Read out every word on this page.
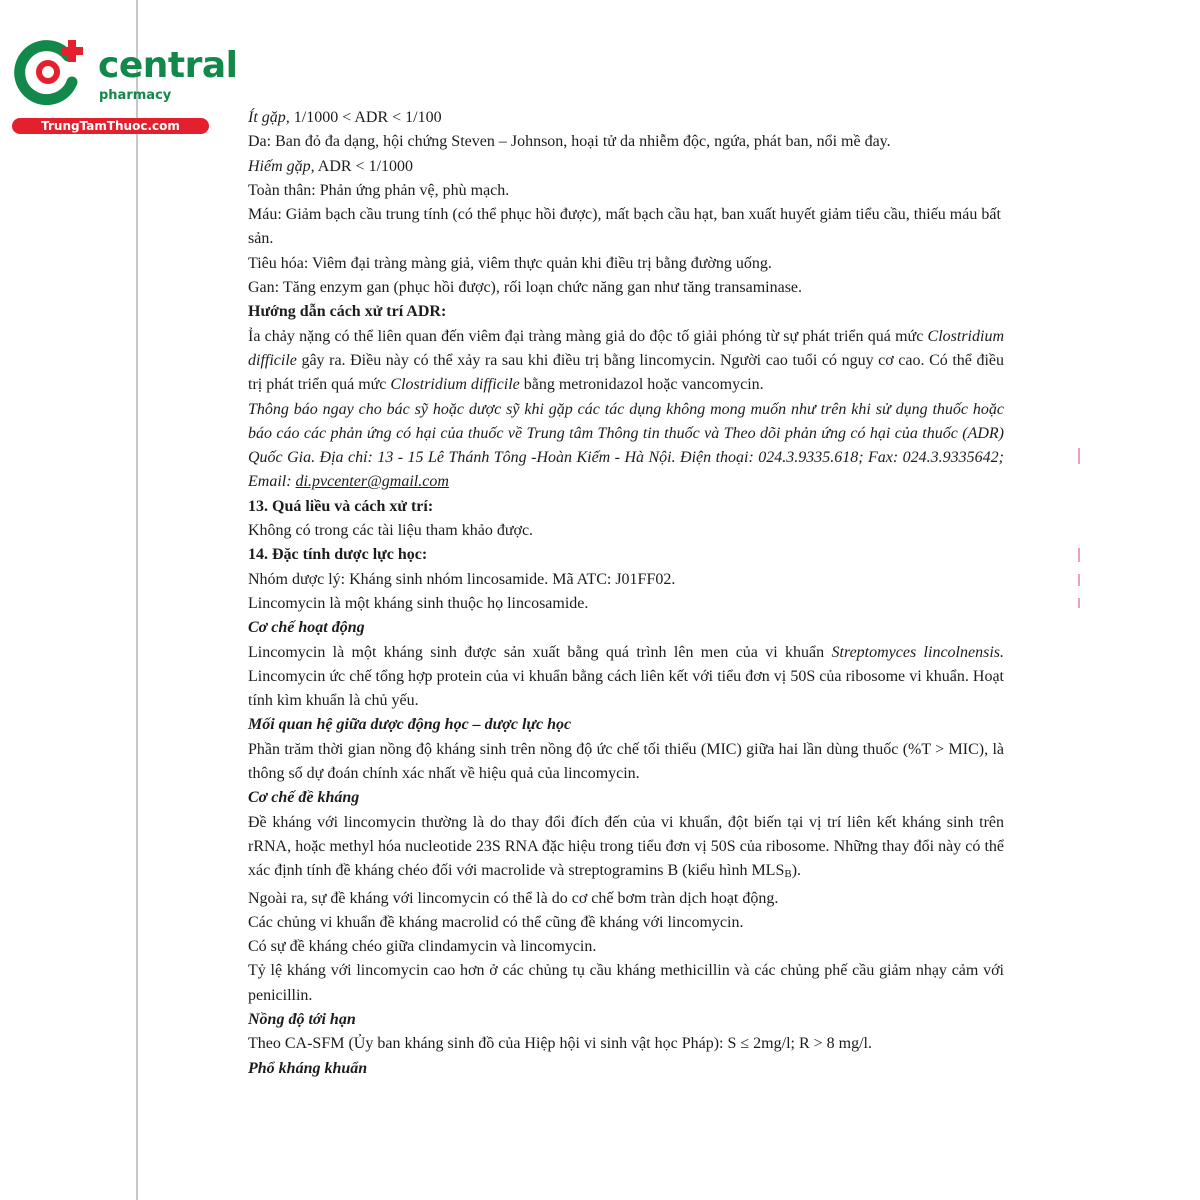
central
pharmacy
TrungTamThuoc.com	Ít gặp, 1/1000 < ADR < 1/100

Da: Ban đỏ đa dạng, hội chứng Steven – Johnson, hoại tử da nhiễm độc, ngứa, phát ban, nổi mề đay.

Hiếm gặp, ADR < 1/1000

Toàn thân: Phản ứng phản vệ, phù mạch.

Máu: Giảm bạch cầu trung tính (có thể phục hồi được), mất bạch cầu hạt, ban xuất huyết giảm tiểu cầu, thiếu máu bất sản.

Tiêu hóa: Viêm đại tràng màng giả, viêm thực quản khi điều trị bằng đường uống.

Gan: Tăng enzym gan (phục hồi được), rối loạn chức năng gan như tăng transaminase.

Hướng dẫn cách xử trí ADR:

Ỉa chảy nặng có thể liên quan đến viêm đại tràng màng giả do độc tố giải phóng từ sự phát triển quá mức Clostridium difficile gây ra. Điều này có thể xảy ra sau khi điều trị bằng lincomycin. Người cao tuổi có nguy cơ cao. Có thể điều trị phát triển quá mức Clostridium difficile bằng metronidazol hoặc vancomycin.

Thông báo ngay cho bác sỹ hoặc dược sỹ khi gặp các tác dụng không mong muốn như trên khi sử dụng thuốc hoặc báo cáo các phản ứng có hại của thuốc về Trung tâm Thông tin thuốc và Theo dõi phản ứng có hại của thuốc (ADR) Quốc Gia. Địa chỉ: 13 - 15 Lê Thánh Tông -Hoàn Kiếm - Hà Nội. Điện thoại: 024.3.9335.618; Fax: 024.3.9335642; Email: di.pvcenter@gmail.com

13. Quá liều và cách xử trí:

Không có trong các tài liệu tham khảo được.

14. Đặc tính dược lực học:

Nhóm dược lý: Kháng sinh nhóm lincosamide. Mã ATC: J01FF02.

Lincomycin là một kháng sinh thuộc họ lincosamide.

Cơ chế hoạt động

Lincomycin là một kháng sinh được sản xuất bằng quá trình lên men của vi khuẩn Streptomyces lincolnensis. Lincomycin ức chế tổng hợp protein của vi khuẩn bằng cách liên kết với tiểu đơn vị 50S của ribosome vi khuẩn. Hoạt tính kìm khuẩn là chủ yếu.

Mối quan hệ giữa dược động học – dược lực học

Phần trăm thời gian nồng độ kháng sinh trên nồng độ ức chế tối thiểu (MIC) giữa hai lần dùng thuốc (%T > MIC), là thông số dự đoán chính xác nhất về hiệu quả của lincomycin.

Cơ chế đề kháng

Đề kháng với lincomycin thường là do thay đổi đích đến của vi khuẩn, đột biến tại vị trí liên kết kháng sinh trên rRNA, hoặc methyl hóa nucleotide 23S RNA đặc hiệu trong tiểu đơn vị 50S của ribosome. Những thay đổi này có thể xác định tính đề kháng chéo đối với macrolide và streptogramins B (kiểu hình MLSB).

Ngoài ra, sự đề kháng với lincomycin có thể là do cơ chế bơm tràn dịch hoạt động.

Các chủng vi khuẩn đề kháng macrolid có thể cũng đề kháng với lincomycin.

Có sự đề kháng chéo giữa clindamycin và lincomycin.

Tỷ lệ kháng với lincomycin cao hơn ở các chủng tụ cầu kháng methicillin và các chủng phế cầu giảm nhạy cảm với penicillin.

Nồng độ tới hạn

Theo CA-SFM (Ủy ban kháng sinh đồ của Hiệp hội vi sinh vật học Pháp): S ≤ 2mg/l; R > 8 mg/l.

Phổ kháng khuẩn
